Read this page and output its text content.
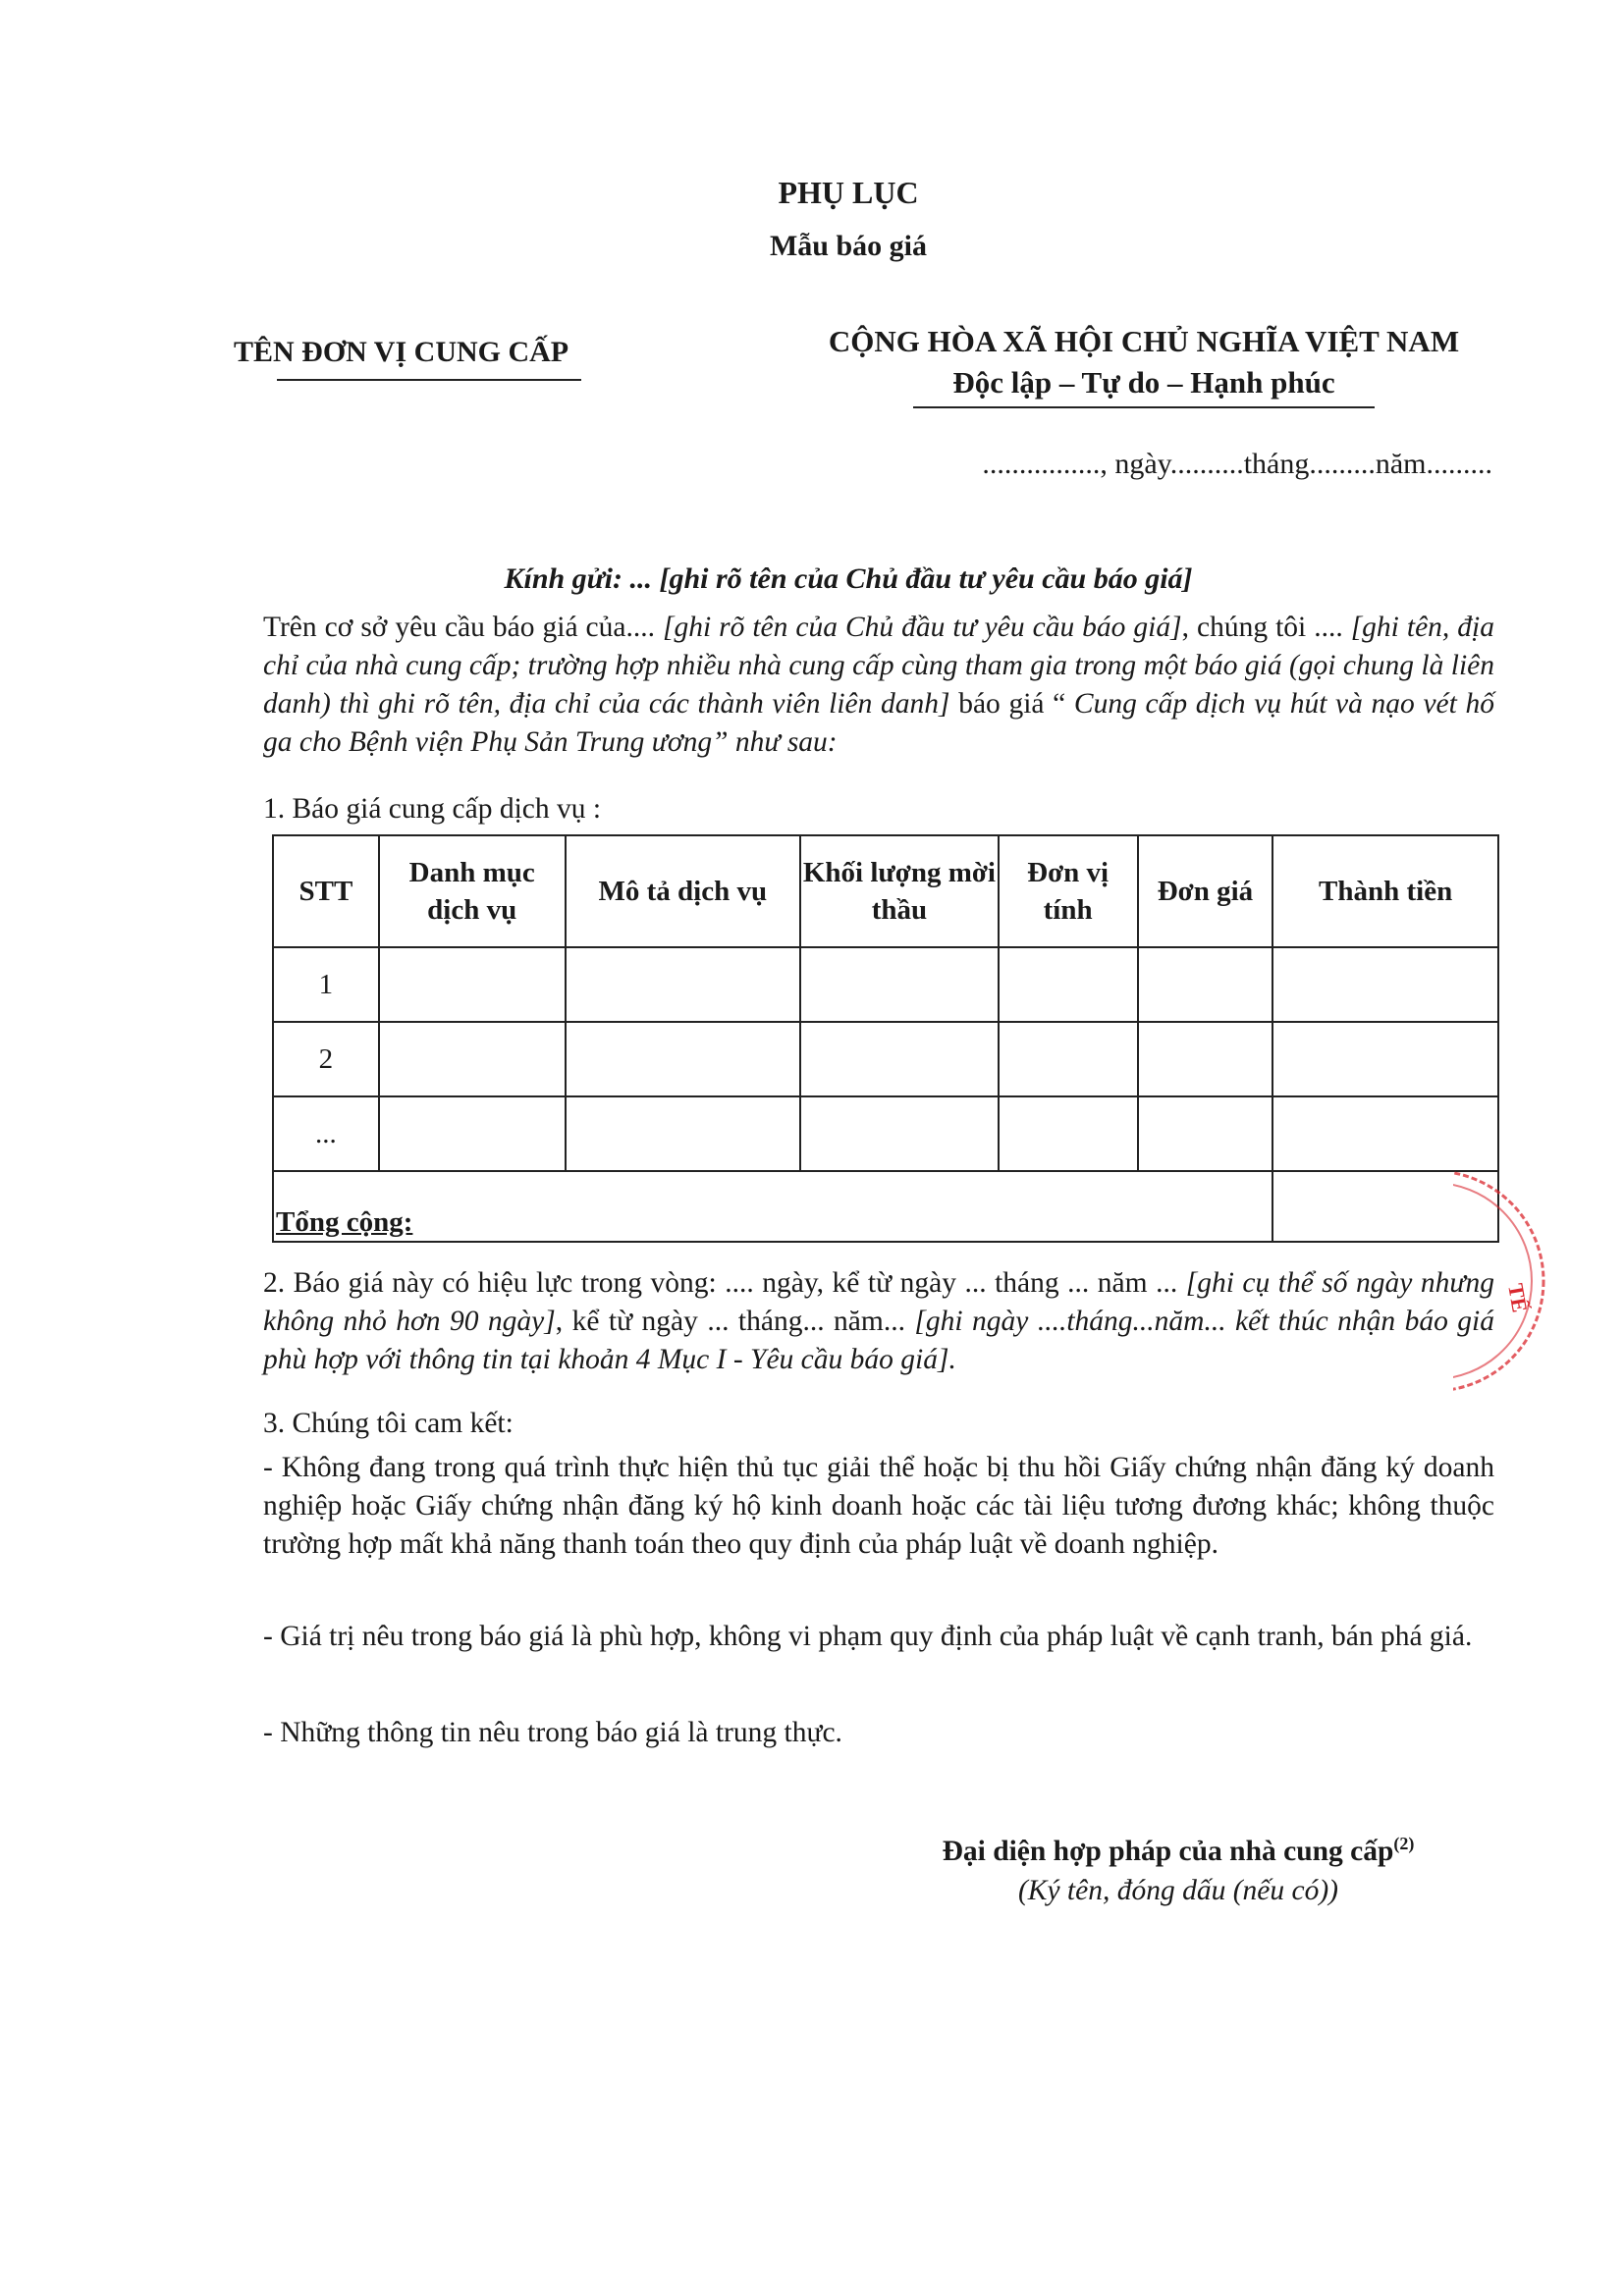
PHỤ LỤC
Mẫu báo giá
TÊN ĐƠN VỊ CUNG CẤP	CỘNG HÒA XÃ HỘI CHỦ NGHĨA VIỆT NAM
Độc lập – Tự do – Hạnh phúc
................, ngày..........tháng.........năm.........
Kính gửi: ... [ghi rõ tên của Chủ đầu tư yêu cầu báo giá]
Trên cơ sở yêu cầu báo giá của.... [ghi rõ tên của Chủ đầu tư yêu cầu báo giá], chúng tôi .... [ghi tên, địa chỉ của nhà cung cấp; trường hợp nhiều nhà cung cấp cùng tham gia trong một báo giá (gọi chung là liên danh) thì ghi rõ tên, địa chỉ của các thành viên liên danh] báo giá “ Cung cấp dịch vụ hút và nạo vét hố ga cho Bệnh viện Phụ Sản Trung ương” như sau:
1. Báo giá cung cấp dịch vụ :
STT	Danh mục dịch vụ	Mô tả dịch vụ	Khối lượng mời thầu	Đơn vị tính	Đơn giá	Thành tiền
1						
2						
...						
Tổng cộng:						
2. Báo giá này có hiệu lực trong vòng: .... ngày, kể từ ngày ... tháng ... năm ... [ghi cụ thể số ngày nhưng không nhỏ hơn 90 ngày], kể từ ngày ... tháng... năm... [ghi ngày ....tháng...năm... kết thúc nhận báo giá phù hợp với thông tin tại khoản 4 Mục I - Yêu cầu báo giá].
3. Chúng tôi cam kết:
- Không đang trong quá trình thực hiện thủ tục giải thể hoặc bị thu hồi Giấy chứng nhận đăng ký doanh nghiệp hoặc Giấy chứng nhận đăng ký hộ kinh doanh hoặc các tài liệu tương đương khác; không thuộc trường hợp mất khả năng thanh toán theo quy định của pháp luật về doanh nghiệp.
- Giá trị nêu trong báo giá là phù hợp, không vi phạm quy định của pháp luật về cạnh tranh, bán phá giá.
- Những thông tin nêu trong báo giá là trung thực.
Đại diện hợp pháp của nhà cung cấp$^{(2)}$
(Ký tên, đóng dấu (nếu có))
TẾ
